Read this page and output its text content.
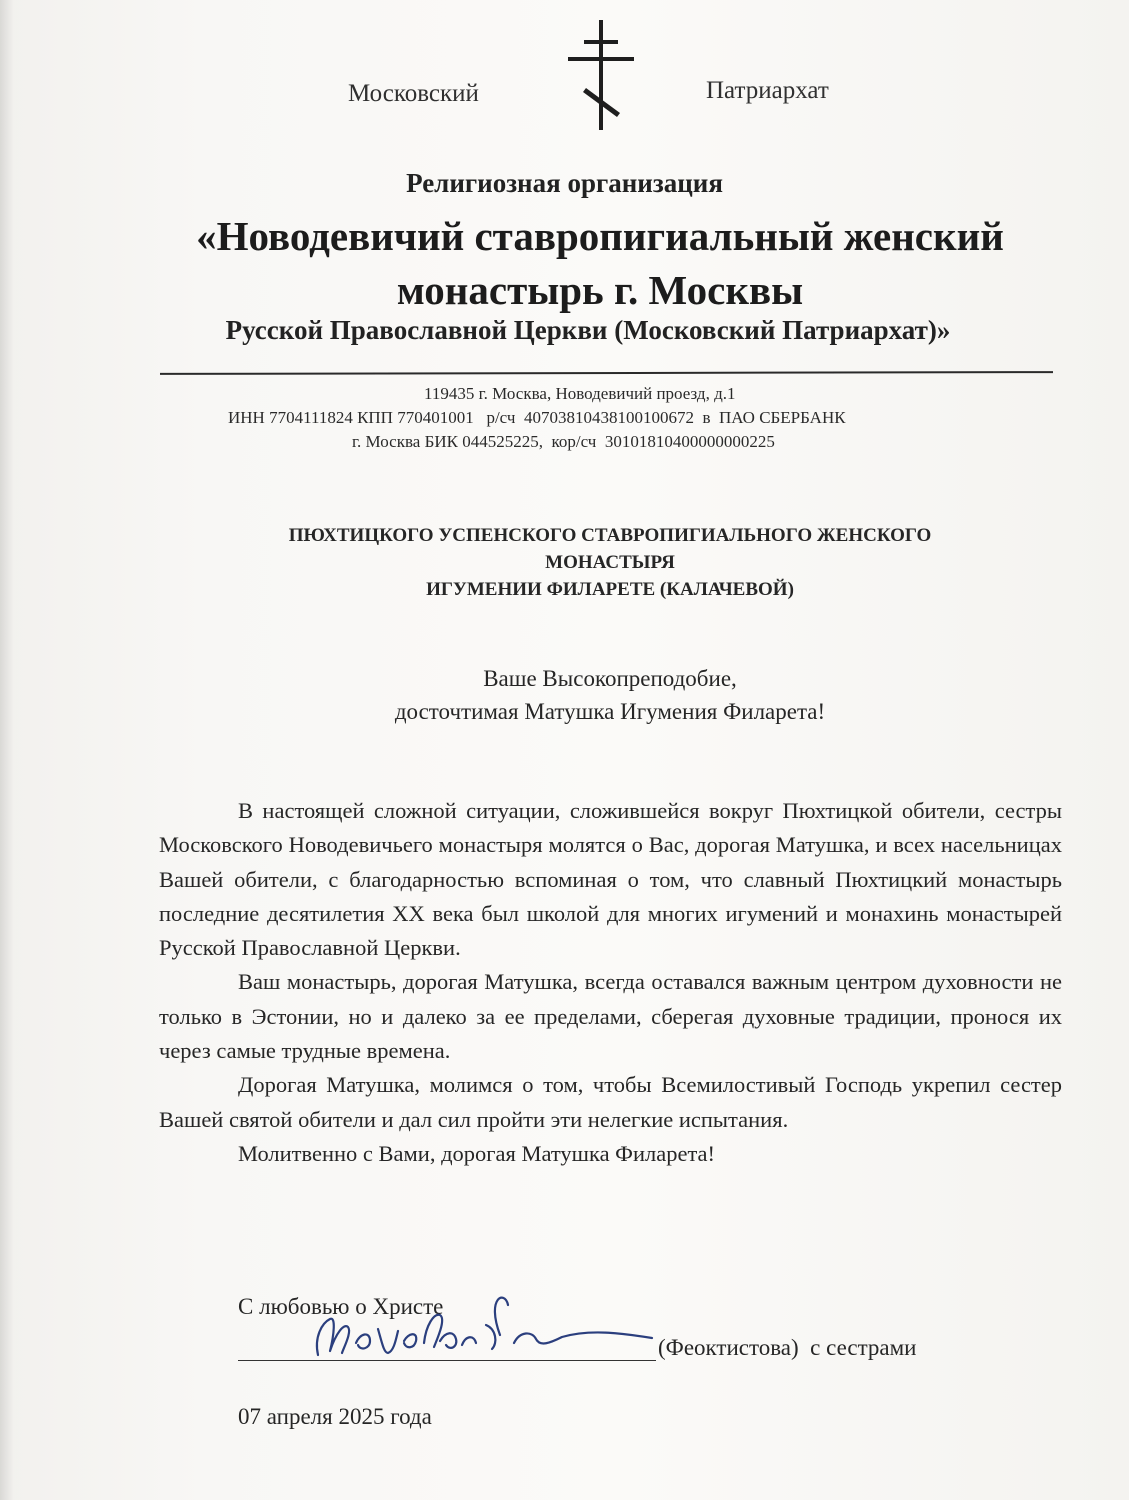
Московский	Патриархат
Религиозная организация
«Новодевичий ставропигиальный женский
монастырь г. Москвы
Русской Православной Церкви (Московский Патриархат)»
119435 г. Москва, Новодевичий проезд, д.1
ИНН 7704111824 КПП 770401001   р/сч  40703810438100100672  в  ПАО СБЕРБАНК
г. Москва БИК 044525225,  кор/сч  30101810400000000225
ПЮХТИЦКОГО УСПЕНСКОГО СТАВРОПИГИАЛЬНОГО ЖЕНСКОГО
МОНАСТЫРЯ
ИГУМЕНИИ ФИЛАРЕТЕ (КАЛАЧЕВОЙ)
Ваше Высокопреподобие,
досточтимая Матушка Игумения Филарета!

В настоящей сложной ситуации, сложившейся вокруг Пюхтицкой обители, сестры Московского Новодевичьего монастыря молятся о Вас, дорогая Матушка, и всех насельницах Вашей обители, с благодарностью вспоминая о том, что славный Пюхтицкий монастырь последние десятилетия XX века был школой для многих игумений и монахинь монастырей Русской Православной Церкви.

Ваш монастырь, дорогая Матушка, всегда оставался важным центром духовности не только в Эстонии, но и далеко за ее пределами, сберегая духовные традиции, пронося их через самые трудные времена.

Дорогая Матушка, молимся о том, чтобы Всемилостивый Господь укрепил сестер Вашей святой обители и дал сил пройти эти нелегкие испытания.

Молитвенно с Вами, дорогая Матушка Филарета!

С любовью о Христе
(Феоктистова)  с сестрами
07 апреля 2025 года
